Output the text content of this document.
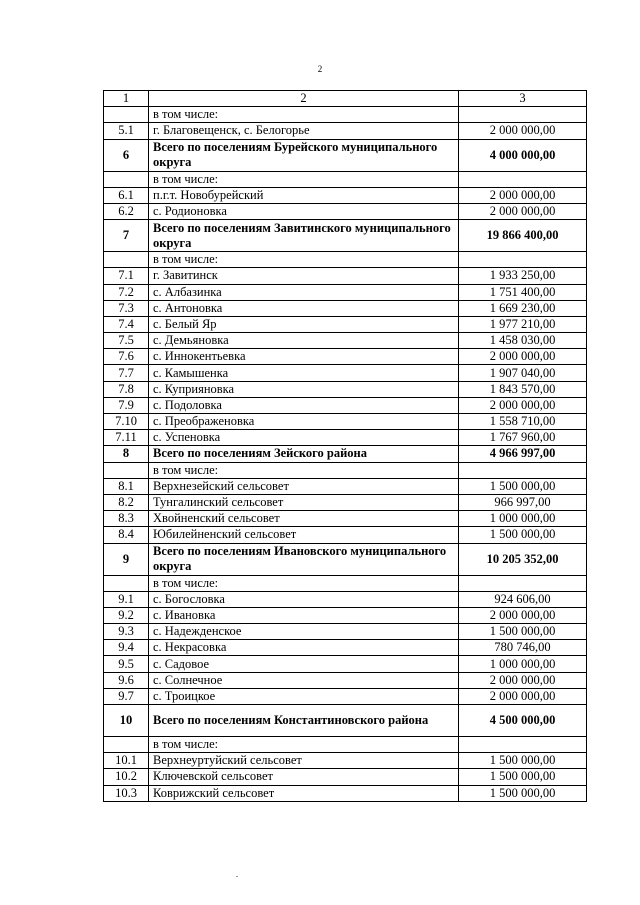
2
1	2	3
	в том числе:	
5.1	г. Благовещенск, с. Белогорье	2 000 000,00
6	Всего по поселениям Бурейского муниципального округа	4 000 000,00
	в том числе:	
6.1	п.г.т. Новобурейский	2 000 000,00
6.2	с. Родионовка	2 000 000,00
7	Всего по поселениям Завитинского муниципального округа	19 866 400,00
	в том числе:	
7.1	г. Завитинск	1 933 250,00
7.2	с. Албазинка	1 751 400,00
7.3	с. Антоновка	1 669 230,00
7.4	с. Белый Яр	1 977 210,00
7.5	с. Демьяновка	1 458 030,00
7.6	с. Иннокентьевка	2 000 000,00
7.7	с. Камышенка	1 907 040,00
7.8	с. Куприяновка	1 843 570,00
7.9	с. Подоловка	2 000 000,00
7.10	с. Преображеновка	1 558 710,00
7.11	с. Успеновка	1 767 960,00
8	Всего по поселениям Зейского района	4 966 997,00
	в том числе:	
8.1	Верхнезейский сельсовет	1 500 000,00
8.2	Тунгалинский сельсовет	966 997,00
8.3	Хвойненский сельсовет	1 000 000,00
8.4	Юбилейненский сельсовет	1 500 000,00
9	Всего по поселениям Ивановского муниципального округа	10 205 352,00
	в том числе:	
9.1	с. Богословка	924 606,00
9.2	с. Ивановка	2 000 000,00
9.3	с. Надежденское	1 500 000,00
9.4	с. Некрасовка	780 746,00
9.5	с. Садовое	1 000 000,00
9.6	с. Солнечное	2 000 000,00
9.7	с. Троицкое	2 000 000,00
10	Всего по поселениям Константиновского района	4 500 000,00
	в том числе:	
10.1	Верхнеуртуйский сельсовет	1 500 000,00
10.2	Ключевской сельсовет	1 500 000,00
10.3	Коврижский сельсовет	1 500 000,00
